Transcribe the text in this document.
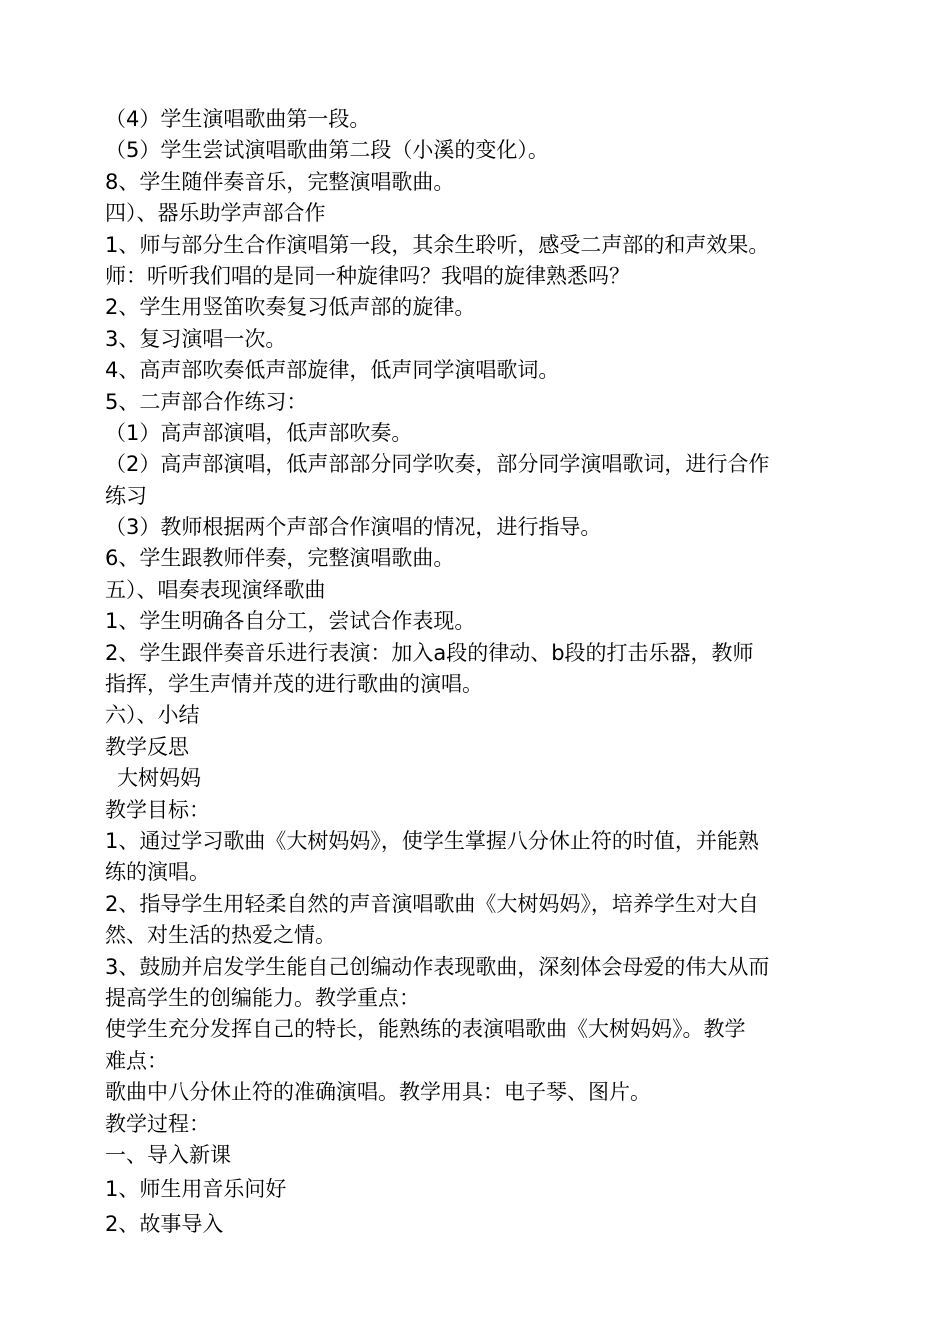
（4）学生演唱歌曲第一段。
（5）学生尝试演唱歌曲第二段（小溪的变化）。
8、学生随伴奏音乐，完整演唱歌曲。
四）、器乐助学声部合作
1、师与部分生合作演唱第一段，其余生聆听，感受二声部的和声效果。
师：听听我们唱的是同一种旋律吗？我唱的旋律熟悉吗？
2、学生用竖笛吹奏复习低声部的旋律。
3、复习演唱一次。
4、高声部吹奏低声部旋律，低声同学演唱歌词。
5、二声部合作练习：
（1）高声部演唱，低声部吹奏。
（2）高声部演唱，低声部部分同学吹奏，部分同学演唱歌词，进行合作
练习
（3）教师根据两个声部合作演唱的情况，进行指导。
6、学生跟教师伴奏，完整演唱歌曲。
五）、唱奏表现演绎歌曲
1、学生明确各自分工，尝试合作表现。
2、学生跟伴奏音乐进行表演：加入a段的律动、b段的打击乐器，教师
指挥，学生声情并茂的进行歌曲的演唱。
六）、小结
教学反思
大树妈妈
教学目标：
1、通过学习歌曲《大树妈妈》，使学生掌握八分休止符的时值，并能熟
练的演唱。
2、指导学生用轻柔自然的声音演唱歌曲《大树妈妈》，培养学生对大自
然、对生活的热爱之情。
3、鼓励并启发学生能自己创编动作表现歌曲，深刻体会母爱的伟大从而
提高学生的创编能力。教学重点：
使学生充分发挥自己的特长，能熟练的表演唱歌曲《大树妈妈》。教学
难点：
歌曲中八分休止符的准确演唱。教学用具：电子琴、图片。
教学过程：
一、导入新课
1、师生用音乐问好
2、故事导入
